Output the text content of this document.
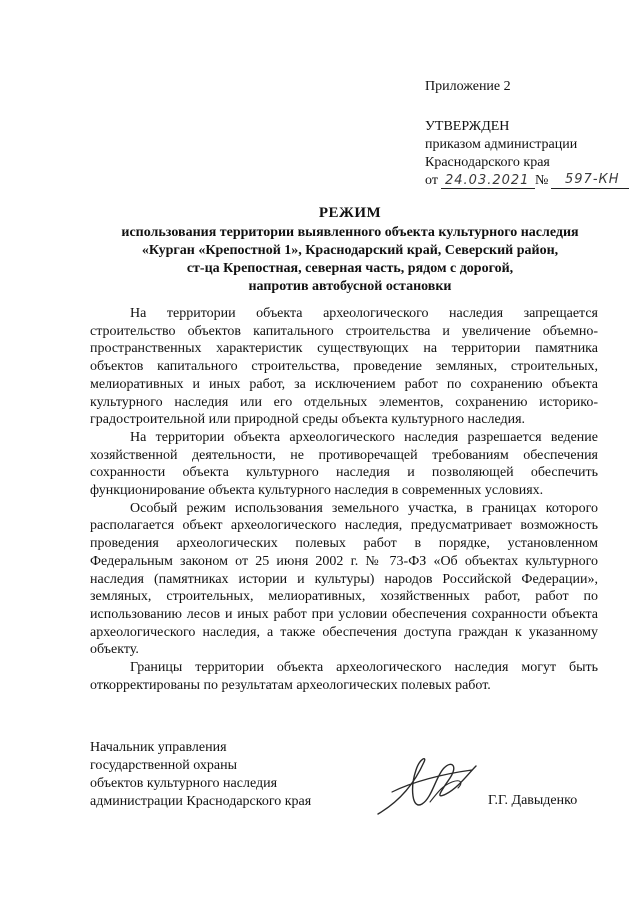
Приложение 2
УТВЕРЖДЕН
приказом администрации
Краснодарского края
от 24.03.2021 № 597-КН
РЕЖИМ
использования территории выявленного объекта культурного наследия
«Курган «Крепостной 1», Краснодарский край, Северский район,
ст-ца Крепостная, северная часть, рядом с дорогой,
напротив автобусной остановки

На территории объекта археологического наследия запрещается строительство объектов капитального строительства и увеличение объемно-пространственных характеристик существующих на территории памятника объектов капитального строительства, проведение земляных, строительных, мелиоративных и иных работ, за исключением работ по сохранению объекта культурного наследия или его отдельных элементов, сохранению историко-градостроительной или природной среды объекта культурного наследия.

На территории объекта археологического наследия разрешается ведение хозяйственной деятельности, не противоречащей требованиям обеспечения сохранности объекта культурного наследия и позволяющей обеспечить функционирование объекта культурного наследия в современных условиях.

Особый режим использования земельного участка, в границах которого располагается объект археологического наследия, предусматривает возможность проведения археологических полевых работ в порядке, установленном Федеральным законом от 25 июня 2002 г. № 73-ФЗ «Об объектах культурного наследия (памятниках истории и культуры) народов Российской Федерации», земляных, строительных, мелиоративных, хозяйственных работ, работ по использованию лесов и иных работ при условии обеспечения сохранности объекта археологического наследия, а также обеспечения доступа граждан к указанному объекту.

Границы территории объекта археологического наследия могут быть откорректированы по результатам археологических полевых работ.

Начальник управления
государственной охраны
объектов культурного наследия
администрации Краснодарского края	Г.Г. Давыденко
